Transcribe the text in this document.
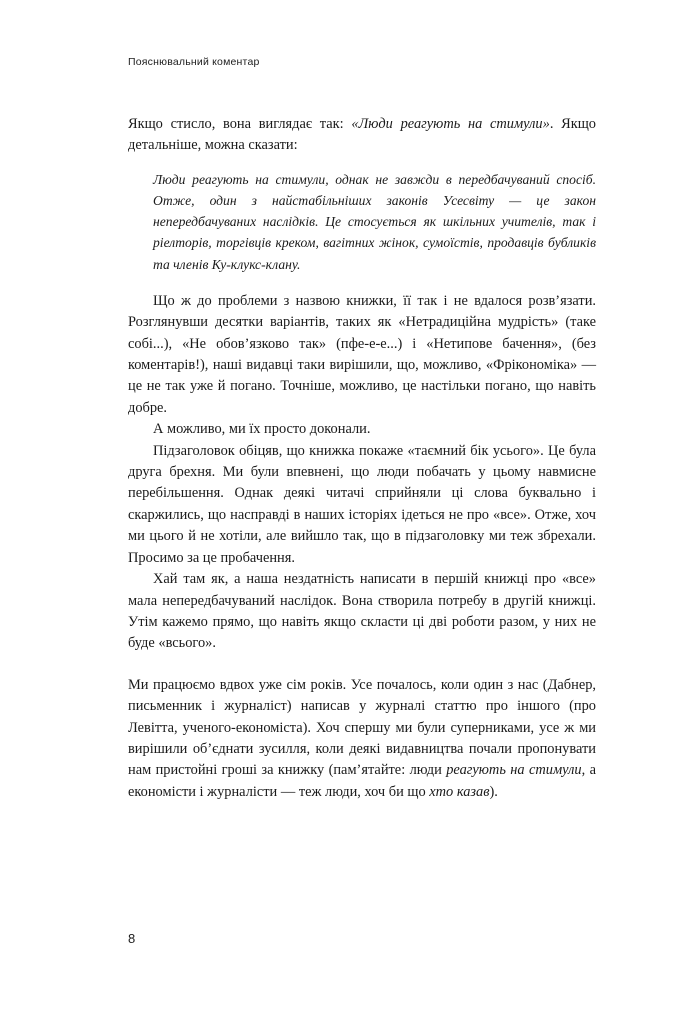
Пояснювальний коментар

Якщо стисло, вона виглядає так: «Люди реагують на стимули». Якщо детальніше, можна сказати:

Люди реагують на стимули, однак не завжди в передбачуваний спосіб. Отже, один з найстабільніших законів Усесвіту — це закон непередбачуваних наслідків. Це стосується як шкільних учителів, так і ріелторів, торгівців креком, вагітних жінок, сумоїстів, продавців бубликів та членів Ку-клукс-клану.

Що ж до проблеми з назвою книжки, її так і не вдалося розв’язати. Розглянувши десятки варіантів, таких як «Нетрадиційна мудрість» (таке собі...), «Не обов’язково так» (пфе-е-е...) і «Нетипове бачення», (без коментарів!), наші видавці таки вирішили, що, можливо, «Фрікономіка» — це не так уже й погано. Точніше, можливо, це настільки погано, що навіть добре.

А можливо, ми їх просто доконали.

Підзаголовок обіцяв, що книжка покаже «таємний бік усього». Це була друга брехня. Ми були впевнені, що люди побачать у цьому навмисне перебільшення. Однак деякі читачі сприйняли ці слова буквально і скаржились, що насправді в наших історіях ідеться не про «все». Отже, хоч ми цього й не хотіли, але вийшло так, що в підзаголовку ми теж збрехали. Просимо за це пробачення.

Хай там як, а наша нездатність написати в першій книжці про «все» мала непередбачуваний наслідок. Вона створила потребу в другій книжці. Утім кажемо прямо, що навіть якщо скласти ці дві роботи разом, у них не буде «всього».

Ми працюємо вдвох уже сім років. Усе почалось, коли один з нас (Дабнер, письменник і журналіст) написав у журналі статтю про іншого (про Левітта, ученого-економіста). Хоч спершу ми були суперниками, усе ж ми вирішили об’єднати зусилля, коли деякі видавництва почали пропонувати нам пристойні гроші за книжку (пам’ятайте: люди реагують на стимули, а економісти і журналісти — теж люди, хоч би що хто казав).

8
